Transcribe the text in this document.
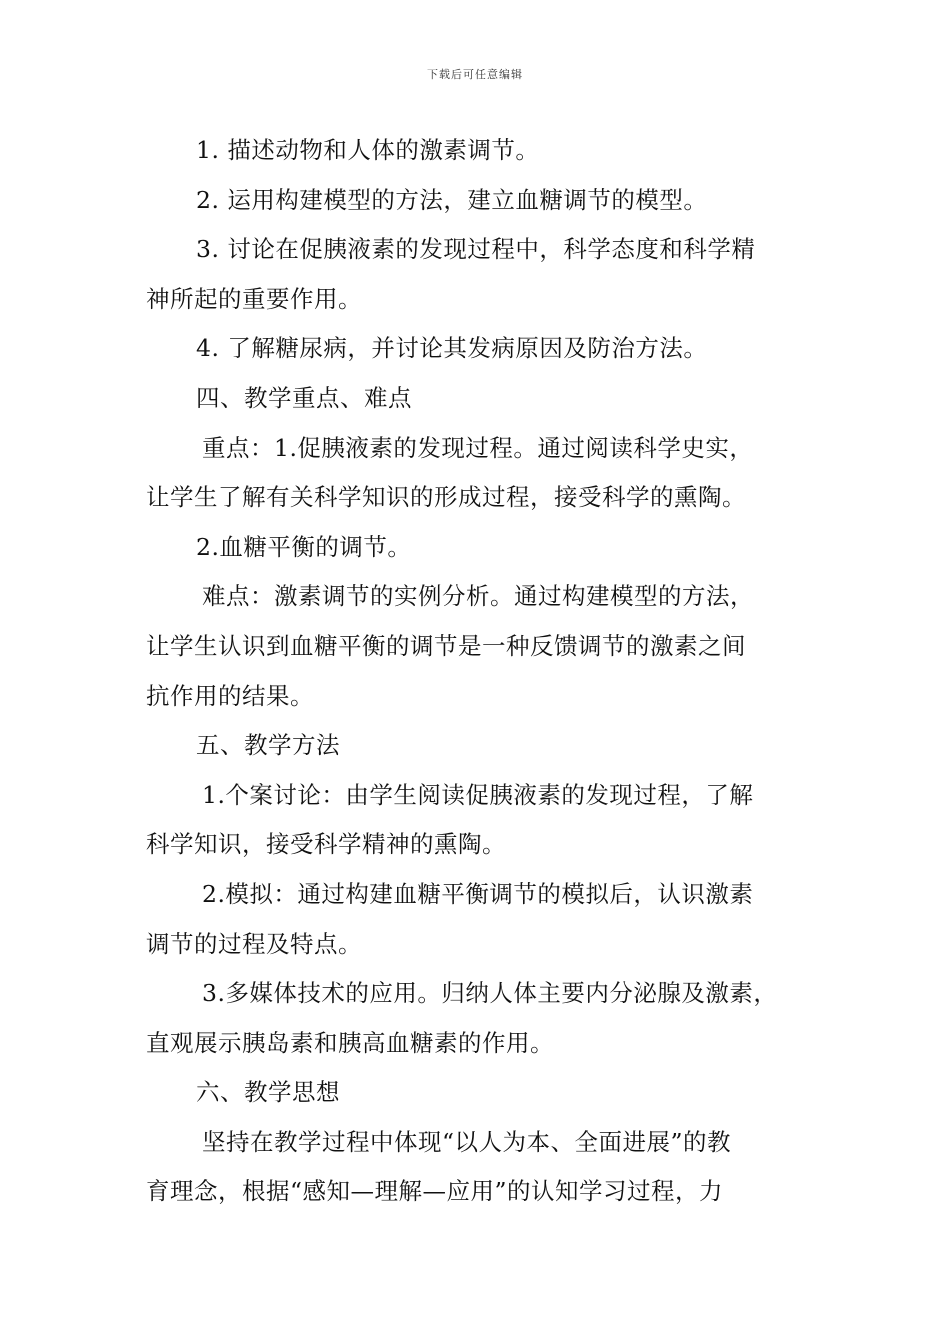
下载后可任意编辑
1. 描述动物和人体的激素调节。
2. 运用构建模型的方法，建立血糖调节的模型。
3. 讨论在促胰液素的发现过程中，科学态度和科学精
神所起的重要作用。
4. 了解糖尿病，并讨论其发病原因及防治方法。
四、教学重点、难点
重点：1.促胰液素的发现过程。通过阅读科学史实，
让学生了解有关科学知识的形成过程，接受科学的熏陶。
2.血糖平衡的调节。
难点：激素调节的实例分析。通过构建模型的方法，
让学生认识到血糖平衡的调节是一种反馈调节的激素之间
抗作用的结果。
五、教学方法
1.个案讨论：由学生阅读促胰液素的发现过程，了解
科学知识，接受科学精神的熏陶。
2.模拟：通过构建血糖平衡调节的模拟后，认识激素
调节的过程及特点。
3.多媒体技术的应用。归纳人体主要内分泌腺及激素，
直观展示胰岛素和胰高血糖素的作用。
六、教学思想
坚持在教学过程中体现“以人为本、全面进展”的教
育理念，根据“感知—理解—应用”的认知学习过程，力
